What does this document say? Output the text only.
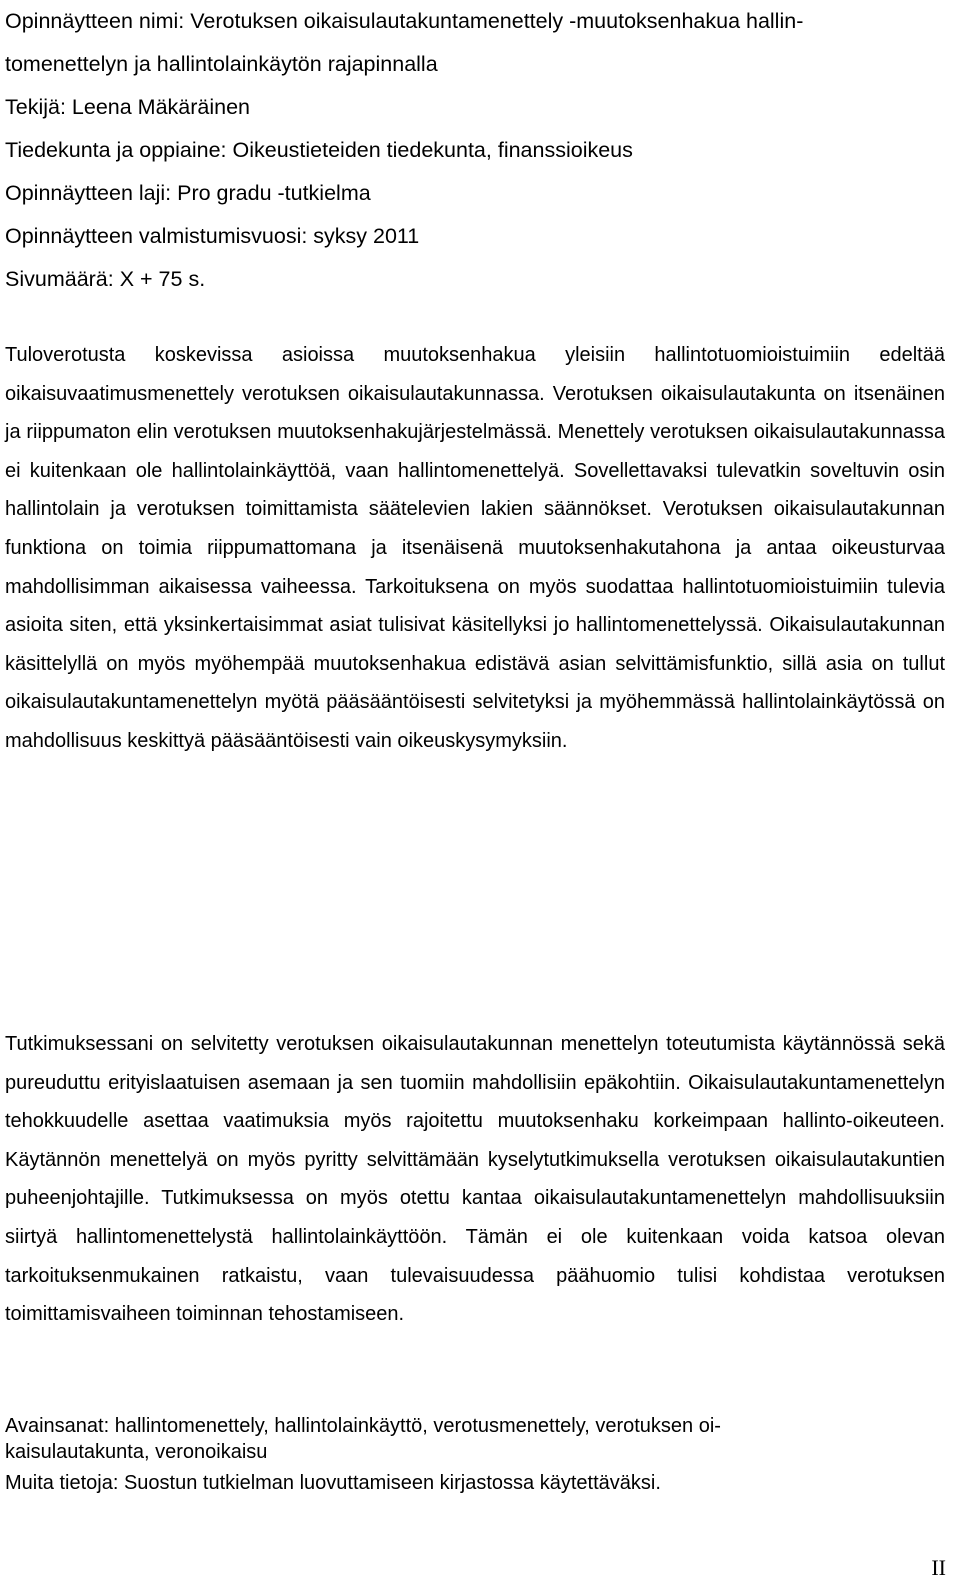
Opinnäytteen nimi: Verotuksen oikaisulautakuntamenettely -muutoksenhakua hallin-

tomenettelyn ja hallintolainkäytön rajapinnalla

Tekijä: Leena Mäkäräinen

Tiedekunta ja oppiaine: Oikeustieteiden tiedekunta, finanssioikeus

Opinnäytteen laji: Pro gradu -tutkielma

Opinnäytteen valmistumisvuosi: syksy 2011

Sivumäärä: X + 75 s.

Tuloverotusta koskevissa asioissa muutoksenhakua yleisiin hallintotuomioistuimiin edeltää oikaisuvaatimusmenettely verotuksen oikaisulautakunnassa. Verotuksen oikaisulautakunta on itsenäinen ja riippumaton elin verotuksen muutoksenhakujärjestelmässä. Menettely verotuksen oikaisulautakunnassa ei kuitenkaan ole hallintolainkäyttöä, vaan hallintomenettelyä. Sovellettavaksi tulevatkin soveltuvin osin hallintolain ja verotuksen toimittamista säätelevien lakien säännökset. Verotuksen oikaisulautakunnan funktiona on toimia riippumattomana ja itsenäisenä muutoksenhakutahona ja antaa oikeusturvaa mahdollisimman aikaisessa vaiheessa. Tarkoituksena on myös suodattaa hallintotuomioistuimiin tulevia asioita siten, että yksinkertaisimmat asiat tulisivat käsitellyksi jo hallintomenettelyssä. Oikaisulautakunnan käsittelyllä on myös myöhempää muutoksenhakua edistävä asian selvittämisfunktio, sillä asia on tullut oikaisulautakuntamenettelyn myötä pääsääntöisesti selvitetyksi ja myöhemmässä hallintolainkäytössä on mahdollisuus keskittyä pääsääntöisesti vain oikeuskysymyksiin.

Tutkimuksessani on selvitetty verotuksen oikaisulautakunnan menettelyn toteutumista käytännössä sekä pureuduttu erityislaatuisen asemaan ja sen tuomiin mahdollisiin epäkohtiin. Oikaisulautakuntamenettelyn tehokkuudelle asettaa vaatimuksia myös rajoitettu muutoksenhaku korkeimpaan hallinto-oikeuteen. Käytännön menettelyä on myös pyritty selvittämään kyselytutkimuksella verotuksen oikaisulautakuntien puheenjohtajille. Tutkimuksessa on myös otettu kantaa oikaisulautakuntamenettelyn mahdollisuuksiin siirtyä hallintomenettelystä hallintolainkäyttöön. Tämän ei ole kuitenkaan voida katsoa olevan tarkoituksenmukainen ratkaistu, vaan tulevaisuudessa päähuomio tulisi kohdistaa verotuksen toimittamisvaiheen toiminnan tehostamiseen.

Avainsanat: hallintomenettely, hallintolainkäyttö, verotusmenettely, verotuksen oi-
kaisulautakunta, veronoikaisu

Muita tietoja: Suostun tutkielman luovuttamiseen kirjastossa käytettäväksi.

II
